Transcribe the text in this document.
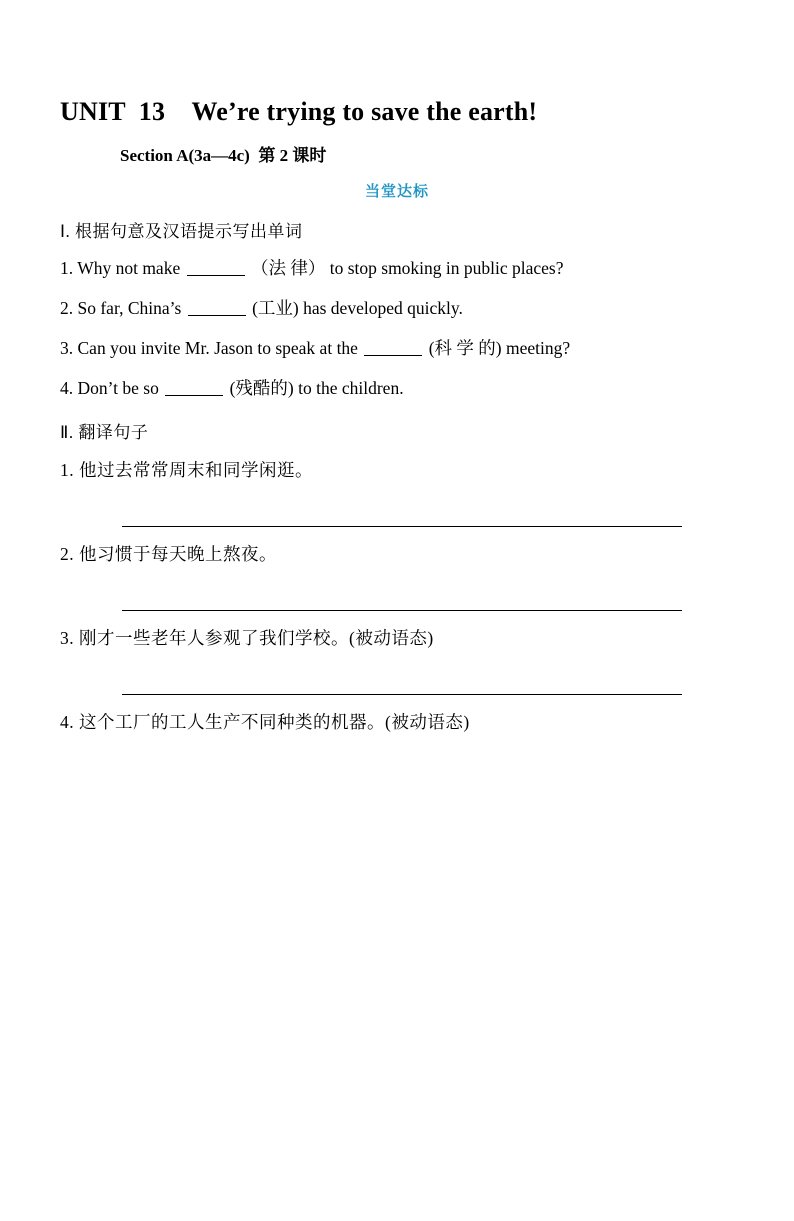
UNIT  13    We’re trying to save the earth!
Section A(3a—4c)  第 2 课时
当堂达标
Ⅰ. 根据句意及汉语提示写出单词
1. Why not make	（法 律） to stop smoking in public places?
2. So far, China’s	(工业) has developed quickly.
3. Can you invite Mr. Jason to speak at the	(科 学 的) meeting?
4. Don’t be so	(残酷的) to the children.
Ⅱ. 翻译句子
1. 他过去常常周末和同学闲逛。
2. 他习惯于每天晚上熬夜。
3. 刚才一些老年人参观了我们学校。(被动语态)
4. 这个工厂的工人生产不同种类的机器。(被动语态)
